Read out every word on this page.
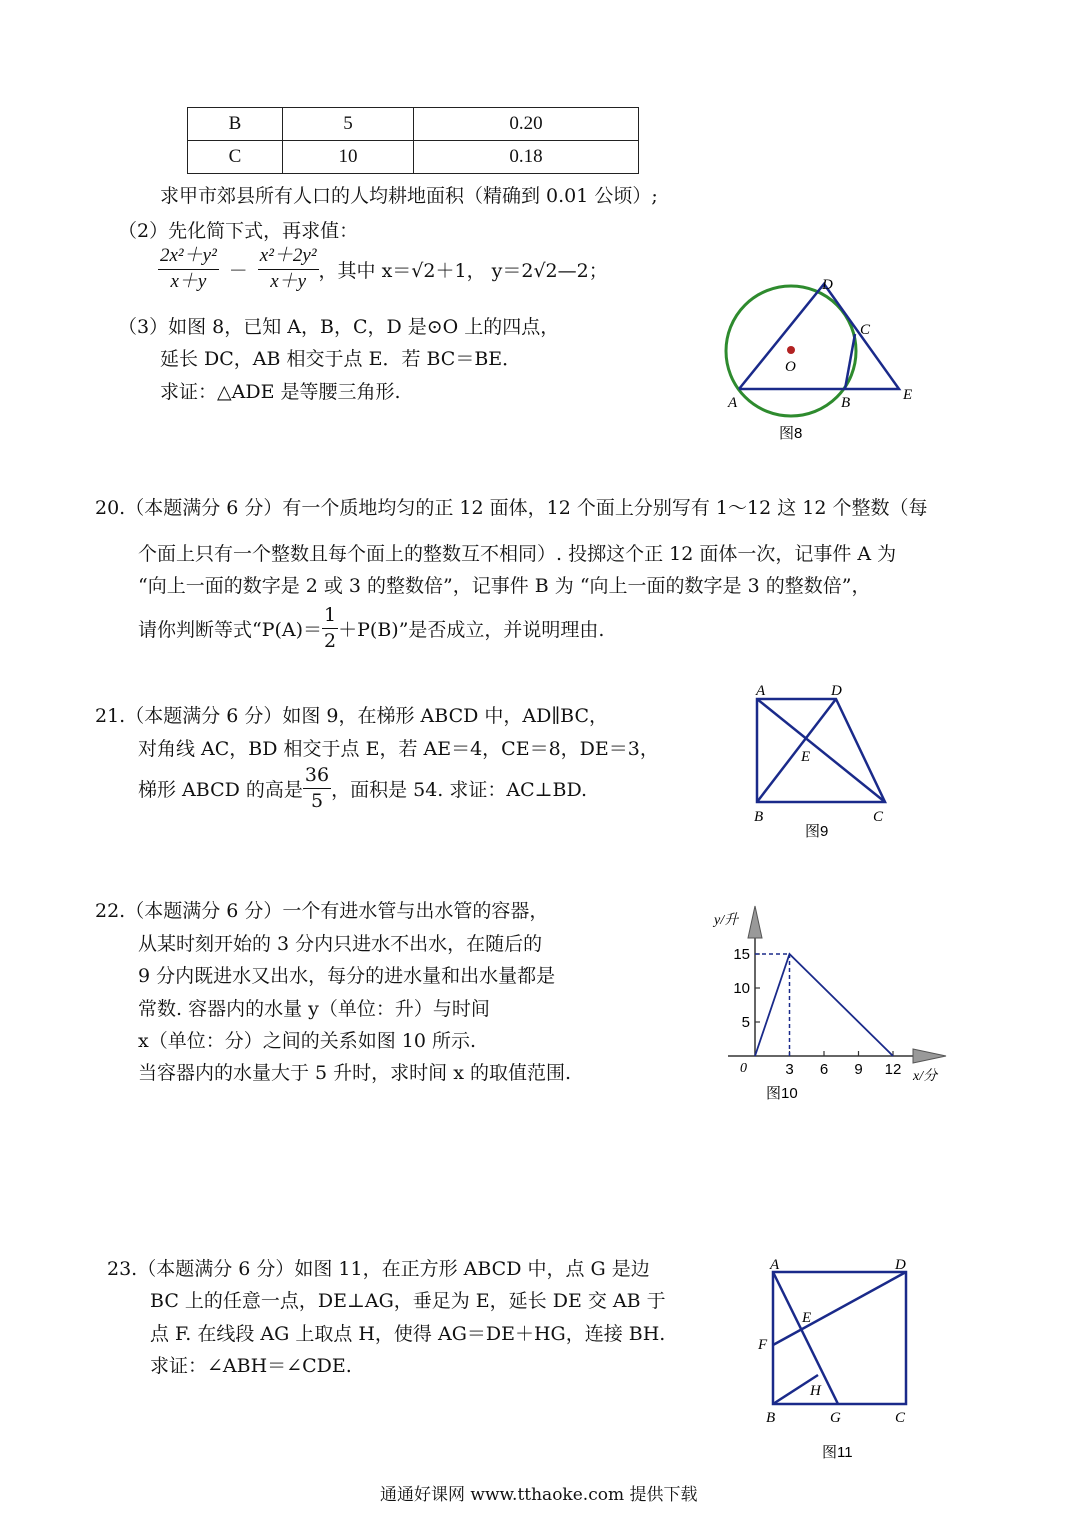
B	5	0.20
C	10	0.18
求甲市郊县所有人口的人均耕地面积（精确到 0.01 公顷）;
（2）先化简下式，再求值：
$\frac{\text{2x²＋y²}}{x+y} - \frac{\text{x²＋2y²}}{x+y}$ ，其中 x＝√2＋1， y＝2√2—2；
（3）如图 8，已知 A，B，C，D 是⊙O 上的四点，
延长 DC，AB 相交于点 E．若 BC＝BE．
求证：△ADE 是等腰三角形.
D
C
O
A	B	E
图8
20.（本题满分 6 分）有一个质地均匀的正 12 面体，12 个面上分别写有 1～12 这 12 个整数（每
个面上只有一个整数且每个面上的整数互不相同）. 投掷这个正 12 面体一次，记事件 A 为
“向上一面的数字是 2 或 3 的整数倍”，记事件 B 为 “向上一面的数字是 3 的整数倍”，
请你判断等式“$P(A)= \frac{1}{2} +P(B)$”是否成立，并说明理由.
21.（本题满分 6 分）如图 9，在梯形 ABCD 中，AD∥BC，
对角线 AC，BD 相交于点 E，若 AE＝4，CE＝8，DE＝3，
梯形 ABCD 的高是 $\frac{36}{5}$ ，面积是 54. 求证：AC⊥BD.
A	D
E
B	C
图9
22.（本题满分 6 分）一个有进水管与出水管的容器，
从某时刻开始的 3 分内只进水不出水，在随后的
9 分内既进水又出水，每分的进水量和出水量都是
常数. 容器内的水量 y（单位：升）与时间
x（单位：分）之间的关系如图 10 所示.
当容器内的水量大于 5 升时，求时间 x 的取值范围.
y/升
x/分
0	3 6 9 12
15
10
5
图10
23.（本题满分 6 分）如图 11，在正方形 ABCD 中，点 G 是边
BC 上的任意一点，DE⊥AG，垂足为 E，延长 DE 交 AB 于
点 F. 在线段 AG 上取点 H，使得 AG＝DE＋HG，连接 BH.
求证：∠ABH＝∠CDE.
A	D
E
F
H
B	G	C
图11
通通好课网 www.tthaoke.com 提供下载
